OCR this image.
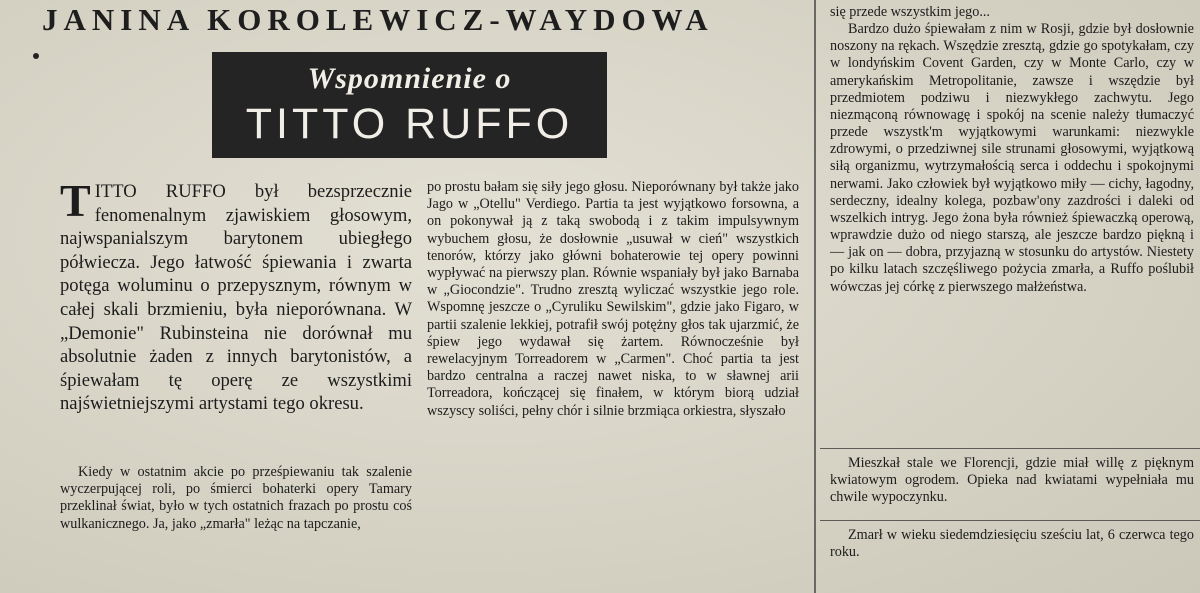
JANINA KOROLEWICZ-WAYDOWA
Wspomnienie o
TITTO RUFFO
TITTO RUFFO był bezsprzecznie fenomenalnym zjawiskiem głosowym, najwspanialszym barytonem ubiegłego półwiecza. Jego łatwość śpiewania i zwarta potęga woluminu o przepysznym, równym w całej skali brzmieniu, była nieporównana. W „Demonie" Rubinsteina nie dorównał mu absolutnie żaden z innych barytonistów, a śpiewałam tę operę ze wszystkimi najświetniejszymi artystami tego okresu.

Kiedy w ostatnim akcie po prześpiewaniu tak szalenie wyczerpującej roli, po śmierci bohaterki opery Tamary przeklinał świat, było w tych ostatnich frazach po prostu coś wulkanicznego. Ja, jako „zmarła" leżąc na tapczanie,

po prostu bałam się siły jego głosu. Nieporównany był także jako Jago w „Otellu" Verdiego. Partia ta jest wyjątkowo forsowna, a on pokonywał ją z taką swobodą i z takim impulsywnym wybuchem głosu, że dosłownie „usuwał w cień" wszystkich tenorów, którzy jako główni bohaterowie tej opery powinni wypływać na pierwszy plan. Równie wspaniały był jako Barnaba w „Giocondzie". Trudno zresztą wyliczać wszystkie jego role. Wspomnę jeszcze o „Cyruliku Sewilskim", gdzie jako Figaro, w partii szalenie lekkiej, potrafił swój potężny głos tak ujarzmić, że śpiew jego wydawał się żartem. Równocześnie był rewelacyjnym Torreadorem w „Carmen". Choć partia ta jest bardzo centralna a raczej nawet niska, to w sławnej arii Torreadora, kończącej się finałem, w którym biorą udział wszyscy soliści, pełny chór i silnie brzmiąca orkiestra, słyszało

się przede wszystkim jego...

Bardzo dużo śpiewałam z nim w Rosji, gdzie był dosłownie noszony na rękach. Wszędzie zresztą, gdzie go spotykałam, czy w londyńskim Covent Garden, czy w Monte Carlo, czy w amerykańskim Metropolitanie, zawsze i wszędzie był przedmiotem podziwu i niezwykłego zachwytu. Jego niezmąconą równowagę i spokój na scenie należy tłumaczyć przede wszystk'm wyjątkowymi warunkami: niezwykle zdrowymi, o przedziwnej sile strunami głosowymi, wyjątkową siłą organizmu, wytrzymałością serca i oddechu i spokojnymi nerwami. Jako człowiek był wyjątkowo miły — cichy, łagodny, serdeczny, idealny kolega, pozbaw'ony zazdrości i daleki od wszelkich intryg. Jego żona była również śpiewaczką operową, wprawdzie dużo od niego starszą, ale jeszcze bardzo piękną i — jak on — dobra, przyjazną w stosunku do artystów. Niestety po kilku latach szczęśliwego pożycia zmarła, a Ruffo poślubił wówczas jej córkę z pierwszego małżeństwa.

Mieszkał stale we Florencji, gdzie miał willę z pięknym kwiatowym ogrodem. Opieka nad kwiatami wypełniała mu chwile wypoczynku.

Zmarł w wieku siedemdziesięciu sześciu lat, 6 czerwca tego roku.
